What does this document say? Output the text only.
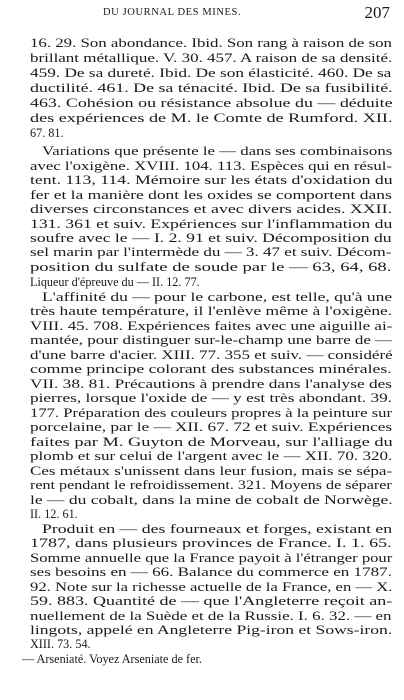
DU JOURNAL DES MINES.	207
16. 29. Son abondance. Ibid. Son rang à raison de son
brillant métallique. V. 30. 457. A raison de sa densité.
459. De sa dureté. Ibid. De son élasticité. 460. De sa
ductilité. 461. De sa ténacité. Ibid. De sa fusibilité.
463. Cohésion ou résistance absolue du — déduite
des expériences de M. le Comte de Rumford. XII.
67. 81.
Variations que présente le — dans ses combinaisons
avec l'oxigène. XVIII. 104. 113. Espèces qui en résul-
tent. 113, 114. Mémoire sur les états d'oxidation du
fer et la manière dont les oxides se comportent dans
diverses circonstances et avec divers acides. XXII.
131. 361 et suiv. Expériences sur l'inflammation du
soufre avec le — I. 2. 91 et suiv. Décomposition du
sel marin par l'intermède du — 3. 47 et suiv. Décom-
position du sulfate de soude par le — 63, 64, 68.
Liqueur d'épreuve du — II. 12. 77.
L'affinité du — pour le carbone, est telle, qu'à une
très haute température, il l'enlève même à l'oxigène.
VIII. 45. 708. Expériences faites avec une aiguille ai-
mantée, pour distinguer sur-le-champ une barre de —
d'une barre d'acier. XIII. 77. 355 et suiv. — considéré
comme principe colorant des substances minérales.
VII. 38. 81. Précautions à prendre dans l'analyse des
pierres, lorsque l'oxide de — y est très abondant. 39.
177. Préparation des couleurs propres à la peinture sur
porcelaine, par le — XII. 67. 72 et suiv. Expériences
faites par M. Guyton de Morveau, sur l'alliage du
plomb et sur celui de l'argent avec le — XII. 70. 320.
Ces métaux s'unissent dans leur fusion, mais se sépa-
rent pendant le refroidissement. 321. Moyens de séparer
le — du cobalt, dans la mine de cobalt de Norwège.
II. 12. 61.
Produit en — des fourneaux et forges, existant en
1787, dans plusieurs provinces de France. I. 1. 65.
Somme annuelle que la France payoit à l'étranger pour
ses besoins en — 66. Balance du commerce en 1787.
92. Note sur la richesse actuelle de la France, en — X.
59. 883. Quantité de — que l'Angleterre reçoit an-
nuellement de la Suède et de la Russie. I. 6. 32. — en
lingots, appelé en Angleterre Pig-iron et Sows-iron.
XIII. 73. 54.
— Arseniaté. Voyez Arseniate de fer.
